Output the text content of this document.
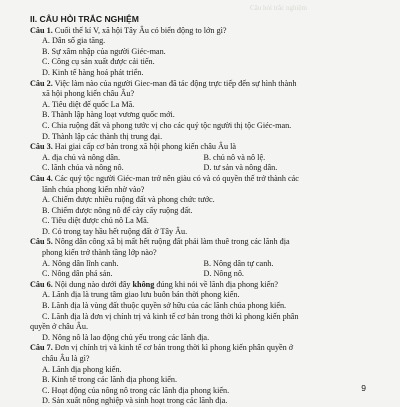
Câu hỏi trắc nghiệm
II. CÂU HỎI TRẮC NGHIỆM
Câu 1. Cuối thế kỉ V, xã hội Tây Âu có biến động to lớn gì?
A. Dân số gia tăng.
B. Sự xâm nhập của người Giéc-man.
C. Công cụ sản xuất được cải tiến.
D. Kinh tế hàng hoá phát triển.
Câu 2. Việc làm nào của người Giec-man đã tác động trực tiếp đến sự hình thành
xã hội phong kiến châu Âu?
A. Tiêu diệt đế quốc La Mã.
B. Thành lập hàng loạt vương quốc mới.
C. Chia ruộng đất và phong tước vị cho các quý tộc người thị tộc Giéc-man.
D. Thành lập các thành thị trung đại.
Câu 3. Hai giai cấp cơ bản trong xã hội phong kiến châu Âu là
A. địa chủ và nông dân.	B. chủ nô và nô lệ.
C. lãnh chúa và nông nô.	D. tư sản và nông dân.
Câu 4. Các quý tộc người Giéc-man trở nên giàu có và có quyền thế trở thành các
lãnh chúa phong kiến nhờ vào?
A. Chiếm được nhiều ruộng đất và phong chức tước.
B. Chiếm được nông nô để cày cấy ruộng đất.
C. Tiêu diệt được chủ nô La Mã.
D. Có trong tay hầu hết ruộng đất ở Tây Âu.
Câu 5. Nông dân công xã bị mất hết ruộng đất phải làm thuê trong các lãnh địa
phong kiến trở thành tầng lớp nào?
A. Nông dân lĩnh canh.	B. Nông dân tự canh.
C. Nông dân phá sản.	D. Nông nô.
Câu 6. Nội dung nào dưới đây không đúng khi nói về lãnh địa phong kiến?
A. Lãnh địa là trung tâm giao lưu buôn bán thời phong kiến.
B. Lãnh địa là vùng đất thuộc quyền sở hữu của các lãnh chúa phong kiến.
C. Lãnh địa là đơn vị chính trị và kinh tế cơ bản trong thời kì phong kiến phân
quyền ở châu Âu.
D. Nông nô là lao động chủ yếu trong các lãnh địa.
Câu 7. Đơn vị chính trị và kinh tế cơ bản trong thời kì phong kiến phân quyền ở
châu Âu là gì?
A. Lãnh địa phong kiến.
B. Kinh tế trong các lãnh địa phong kiến.
C. Hoạt động của nông nô trong các lãnh địa phong kiến.
D. Sản xuất nông nghiệp và sinh hoạt trong các lãnh địa.
9
